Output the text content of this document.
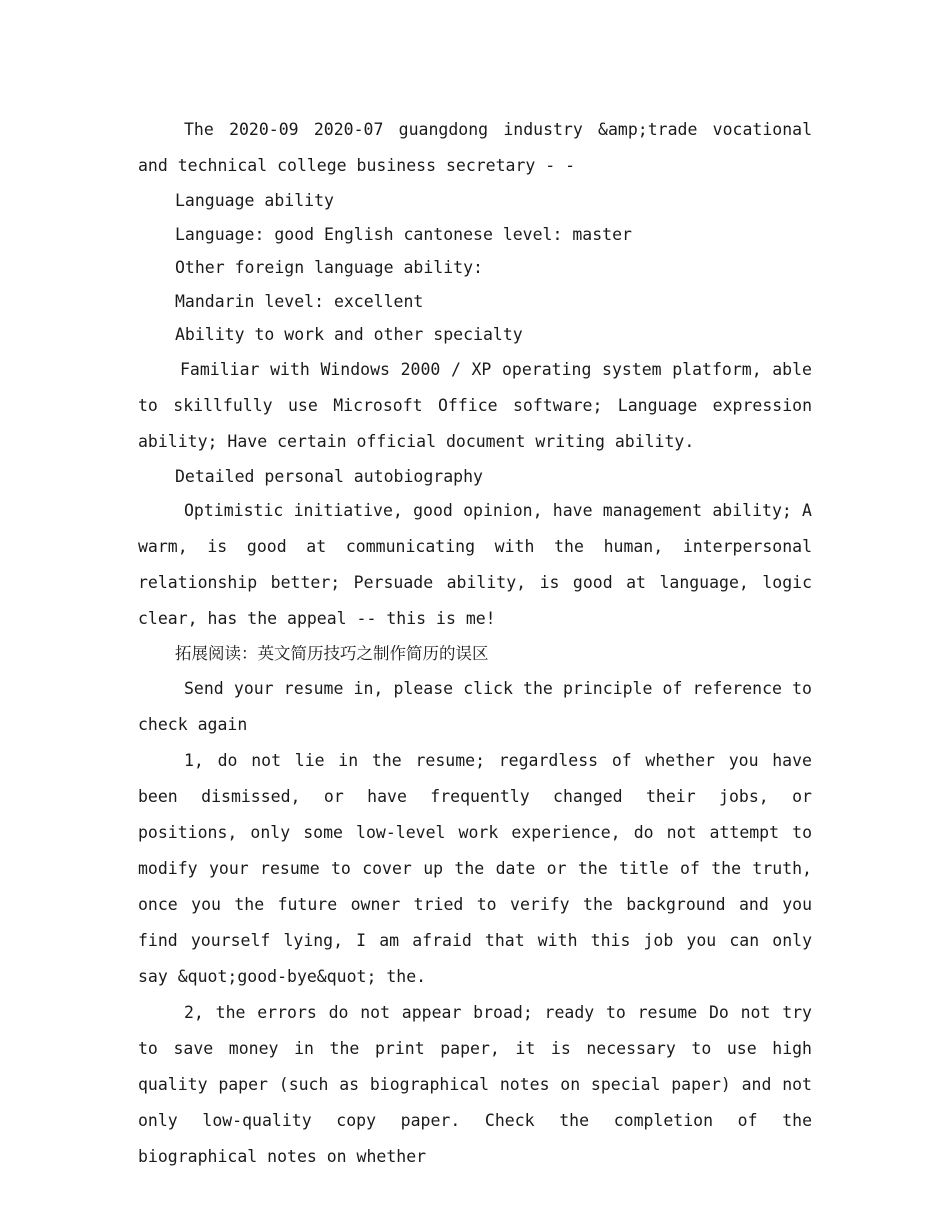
The 2020-09 2020-07 guangdong industry &amp;trade vocational and technical college business secretary - -

Language ability

Language: good English cantonese level: master

Other foreign language ability:

Mandarin level: excellent

Ability to work and other specialty

Familiar with Windows 2000 / XP operating system platform, able to skillfully use Microsoft Office software; Language expression ability; Have certain official document writing ability.

Detailed personal autobiography

Optimistic initiative, good opinion, have management ability; A warm, is good at communicating with the human, interpersonal relationship better; Persuade ability, is good at language, logic clear, has the appeal -- this is me!

拓展阅读：英文简历技巧之制作简历的误区

Send your resume in, please click the principle of reference to check again

1, do not lie in the resume; regardless of whether you have been dismissed, or have frequently changed their jobs, or positions, only some low-level work experience, do not attempt to modify your resume to cover up the date or the title of the truth, once you the future owner tried to verify the background and you find yourself lying, I am afraid that with this job you can only say &quot;good-bye&quot; the.

2, the errors do not appear broad; ready to resume Do not try to save money in the print paper, it is necessary to use high quality paper (such as biographical notes on special paper) and not only low-quality copy paper. Check the completion of the biographical notes on whether
